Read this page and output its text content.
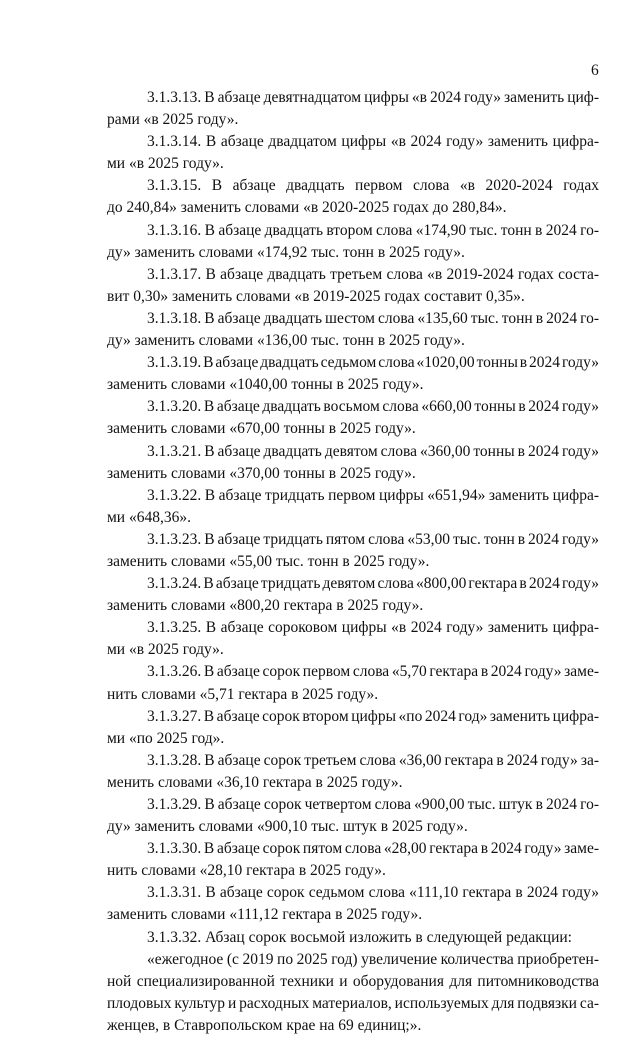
6

3.1.3.13. В абзаце девятнадцатом цифры «в 2024 году» заменить циф-
рами «в 2025 году».

3.1.3.14. В абзаце двадцатом цифры «в 2024 году» заменить цифра-
ми «в 2025 году».

3.1.3.15. В абзаце двадцать первом слова «в 2020-2024 годах
до 240,84» заменить словами «в 2020-2025 годах до 280,84».

3.1.3.16. В абзаце двадцать втором слова «174,90 тыс. тонн в 2024 го-
ду» заменить словами «174,92 тыс. тонн в 2025 году».

3.1.3.17. В абзаце двадцать третьем слова «в 2019-2024 годах соста-
вит 0,30» заменить словами «в 2019-2025 годах составит 0,35».

3.1.3.18. В абзаце двадцать шестом слова «135,60 тыс. тонн в 2024 го-
ду» заменить словами «136,00 тыс. тонн в 2025 году».

3.1.3.19. В абзаце двадцать седьмом слова «1020,00 тонны в 2024 году»
заменить словами «1040,00 тонны в 2025 году».

3.1.3.20. В абзаце двадцать восьмом слова «660,00 тонны в 2024 году»
заменить словами «670,00 тонны в 2025 году».

3.1.3.21. В абзаце двадцать девятом слова «360,00 тонны в 2024 году»
заменить словами «370,00 тонны в 2025 году».

3.1.3.22. В абзаце тридцать первом цифры «651,94» заменить цифра-
ми «648,36».

3.1.3.23. В абзаце тридцать пятом слова «53,00 тыс. тонн в 2024 году»
заменить словами «55,00 тыс. тонн в 2025 году».

3.1.3.24. В абзаце тридцать девятом слова «800,00 гектара в 2024 году»
заменить словами «800,20 гектара в 2025 году».

3.1.3.25. В абзаце сороковом цифры «в 2024 году» заменить цифра-
ми «в 2025 году».

3.1.3.26. В абзаце сорок первом слова «5,70 гектара в 2024 году» заме-
нить словами «5,71 гектара в 2025 году».

3.1.3.27. В абзаце сорок втором цифры «по 2024 год» заменить цифра-
ми «по 2025 год».

3.1.3.28. В абзаце сорок третьем слова «36,00 гектара в 2024 году» за-
менить словами «36,10 гектара в 2025 году».

3.1.3.29. В абзаце сорок четвертом слова «900,00 тыс. штук в 2024 го-
ду» заменить словами «900,10 тыс. штук в 2025 году».

3.1.3.30. В абзаце сорок пятом слова «28,00 гектара в 2024 году» заме-
нить словами «28,10 гектара в 2025 году».

3.1.3.31. В абзаце сорок седьмом слова «111,10 гектара в 2024 году»
заменить словами «111,12 гектара в 2025 году».

3.1.3.32. Абзац сорок восьмой изложить в следующей редакции:

«ежегодное (с 2019 по 2025 год) увеличение количества приобретен-
ной специализированной техники и оборудования для питомниководства
плодовых культур и расходных материалов, используемых для подвязки са-
женцев, в Ставропольском крае на 69 единиц;».
